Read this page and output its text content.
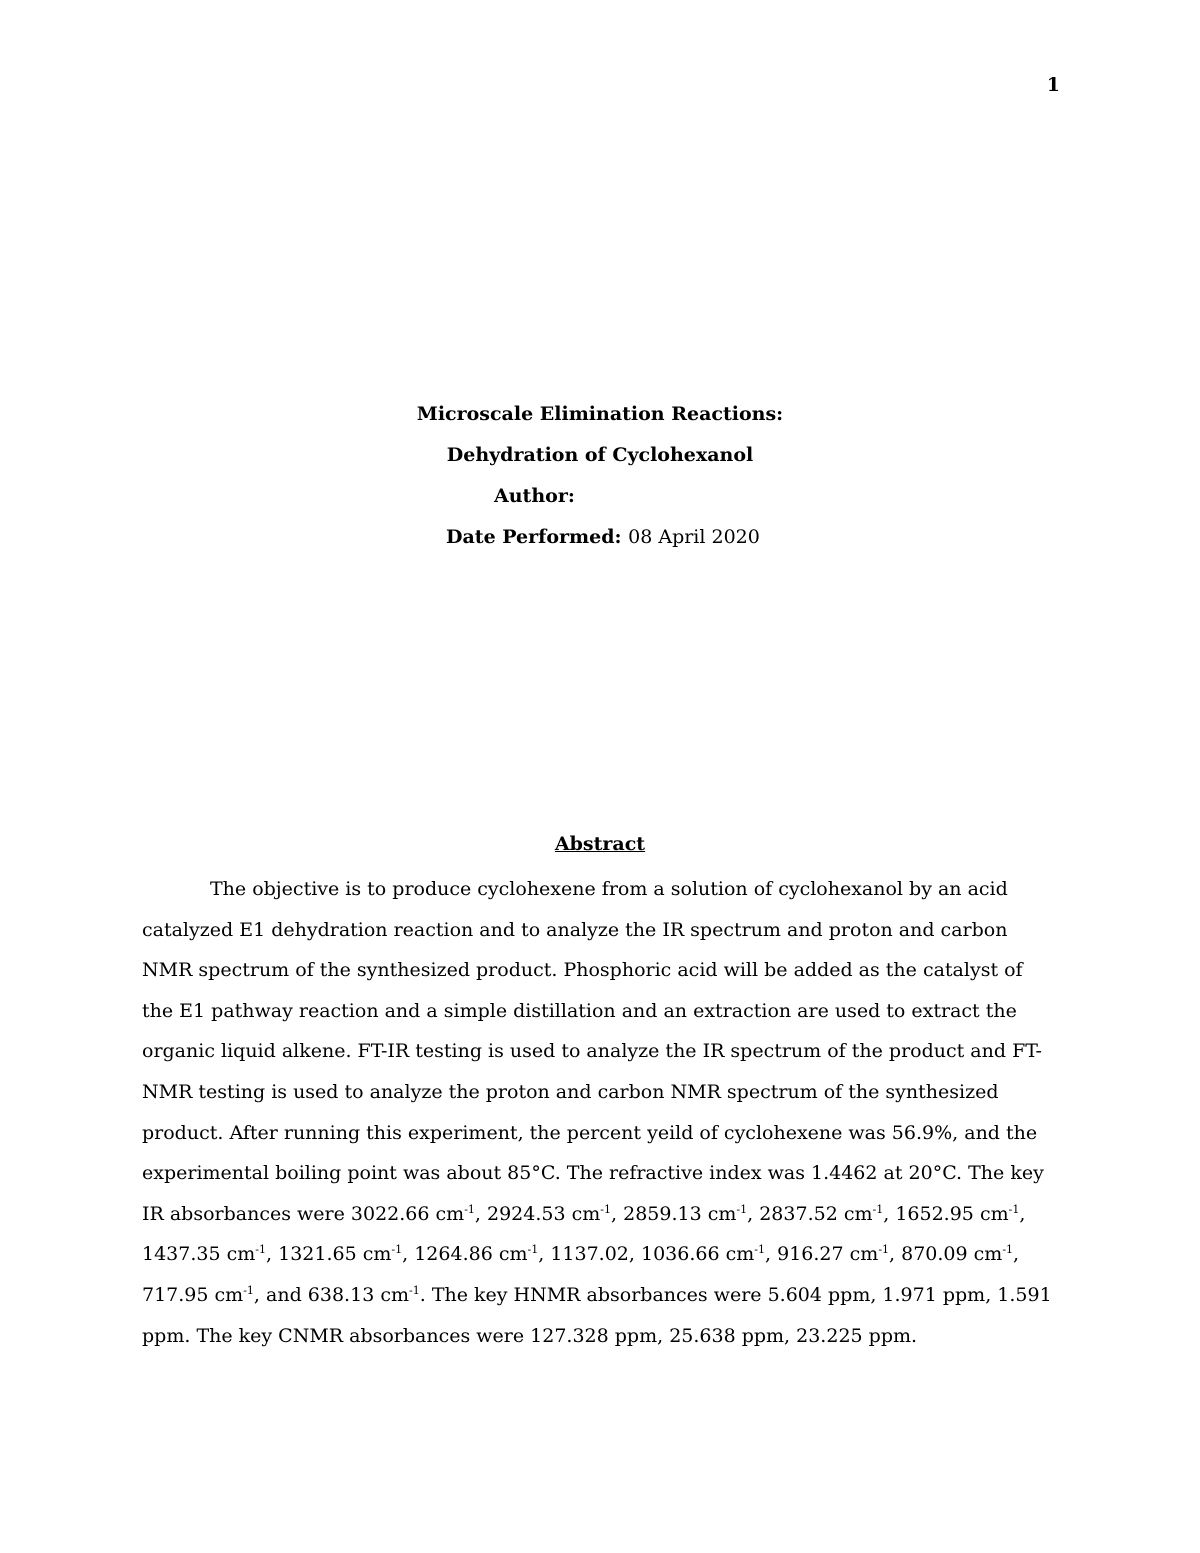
1
Microscale Elimination Reactions:
Dehydration of Cyclohexanol
Author:
Date Performed: 08 April 2020
Abstract

The objective is to produce cyclohexene from a solution of cyclohexanol by an acid catalyzed E1 dehydration reaction and to analyze the IR spectrum and proton and carbon NMR spectrum of the synthesized product. Phosphoric acid will be added as the catalyst of the E1 pathway reaction and a simple distillation and an extraction are used to extract the organic liquid alkene. FT-IR testing is used to analyze the IR spectrum of the product and FT-NMR testing is used to analyze the proton and carbon NMR spectrum of the synthesized product. After running this experiment, the percent yeild of cyclohexene was 56.9%, and the experimental boiling point was about 85°C. The refractive index was 1.4462 at 20°C. The key IR absorbances were 3022.66 $cm^{-1}$, 2924.53 $cm^{-1}$, 2859.13 $cm^{-1}$, 2837.52 $cm^{-1}$, 1652.95 $cm^{-1}$, 1437.35 $cm^{-1}$, 1321.65 $cm^{-1}$, 1264.86 $cm^{-1}$, 1137.02, 1036.66 $cm^{-1}$, 916.27 $cm^{-1}$, 870.09 $cm^{-1}$, 717.95 $cm^{-1}$, and 638.13 $cm^{-1}$. The key HNMR absorbances were 5.604 ppm, 1.971 ppm, 1.591 ppm. The key CNMR absorbances were 127.328 ppm, 25.638 ppm, 23.225 ppm.
